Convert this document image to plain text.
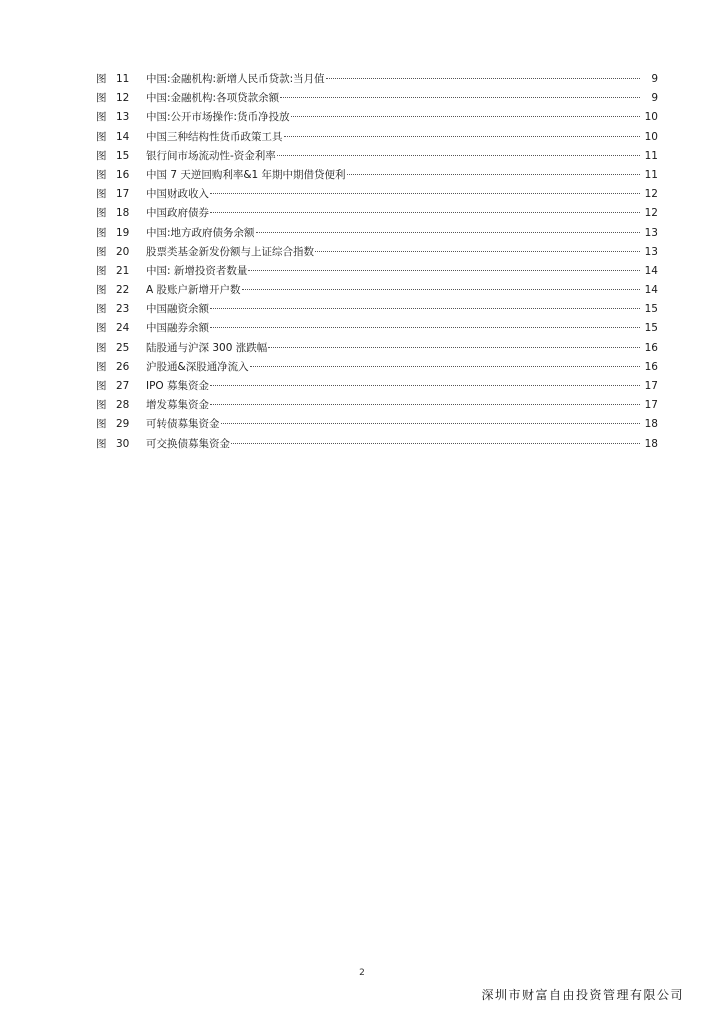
图 11	中国:金融机构:新增人民币贷款:当月值	9
图 12	中国:金融机构:各项贷款余额	9
图 13	中国:公开市场操作:货币净投放	10
图 14	中国三种结构性货币政策工具	10
图 15	银行间市场流动性-资金利率	11
图 16	中国 7 天逆回购利率&1 年期中期借贷便利	11
图 17	中国财政收入	12
图 18	中国政府债券	12
图 19	中国:地方政府债务余额	13
图 20	股票类基金新发份额与上证综合指数	13
图 21	中国: 新增投资者数量	14
图 22	A 股账户新增开户数	14
图 23	中国融资余额	15
图 24	中国融券余额	15
图 25	陆股通与沪深 300 涨跌幅	16
图 26	沪股通&深股通净流入	16
图 27	IPO 募集资金	17
图 28	增发募集资金	17
图 29	可转债募集资金	18
图 30	可交换债募集资金	18
2
深圳市财富自由投资管理有限公司
